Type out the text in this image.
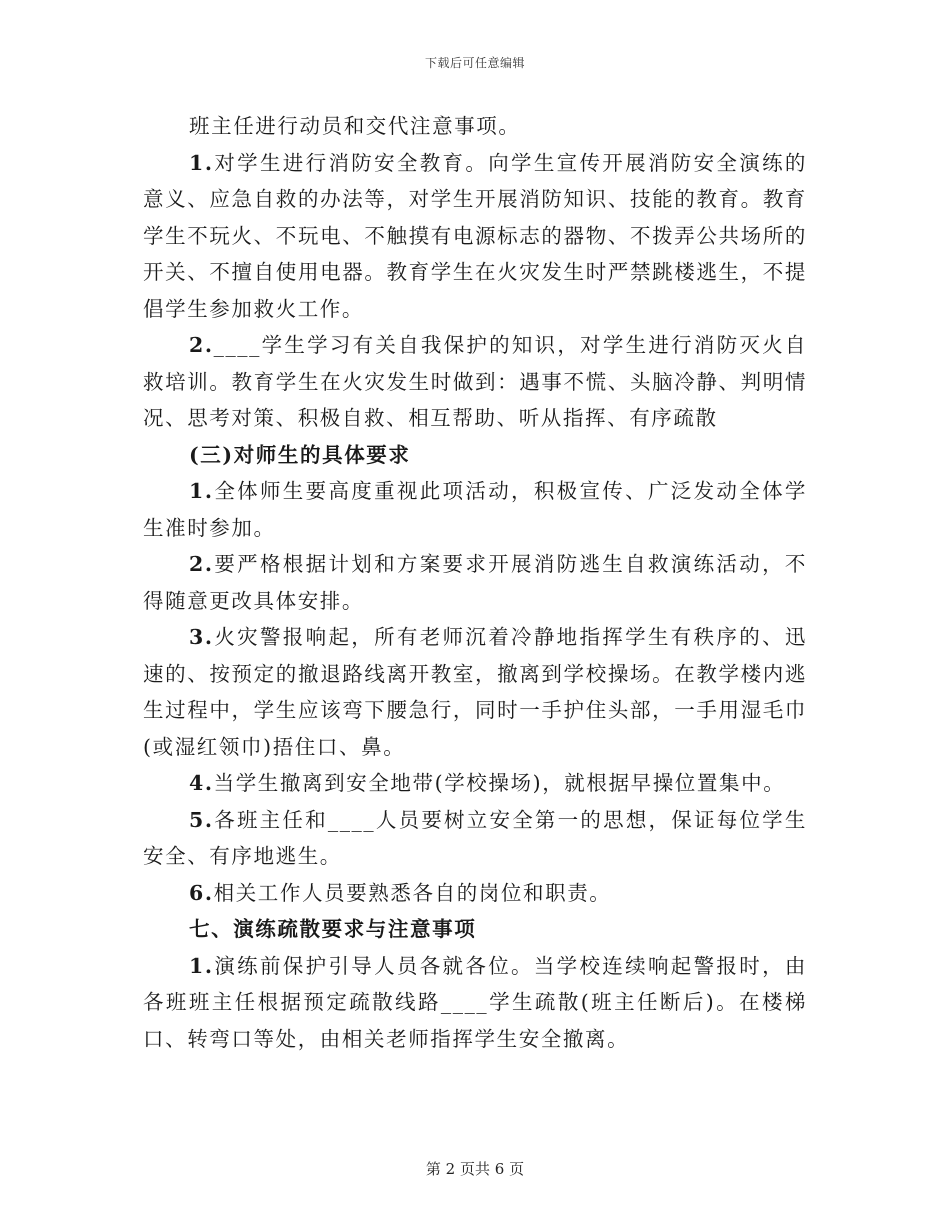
下载后可任意编辑

班主任进行动员和交代注意事项。

1.对学生进行消防安全教育。向学生宣传开展消防安全演练的意义、应急自救的办法等，对学生开展消防知识、技能的教育。教育学生不玩火、不玩电、不触摸有电源标志的器物、不拨弄公共场所的开关、不擅自使用电器。教育学生在火灾发生时严禁跳楼逃生，不提倡学生参加救火工作。

2.____学生学习有关自我保护的知识，对学生进行消防灭火自救培训。教育学生在火灾发生时做到：遇事不慌、头脑冷静、判明情况、思考对策、积极自救、相互帮助、听从指挥、有序疏散

(三)对师生的具体要求

1.全体师生要高度重视此项活动，积极宣传、广泛发动全体学生准时参加。

2.要严格根据计划和方案要求开展消防逃生自救演练活动，不得随意更改具体安排。

3.火灾警报响起，所有老师沉着冷静地指挥学生有秩序的、迅速的、按预定的撤退路线离开教室，撤离到学校操场。在教学楼内逃生过程中，学生应该弯下腰急行，同时一手护住头部，一手用湿毛巾(或湿红领巾)捂住口、鼻。

4.当学生撤离到安全地带(学校操场)，就根据早操位置集中。

5.各班主任和____人员要树立安全第一的思想，保证每位学生安全、有序地逃生。

6.相关工作人员要熟悉各自的岗位和职责。

七、演练疏散要求与注意事项

1.演练前保护引导人员各就各位。当学校连续响起警报时，由各班班主任根据预定疏散线路____学生疏散(班主任断后)。在楼梯口、转弯口等处，由相关老师指挥学生安全撤离。

第 2 页共 6 页
